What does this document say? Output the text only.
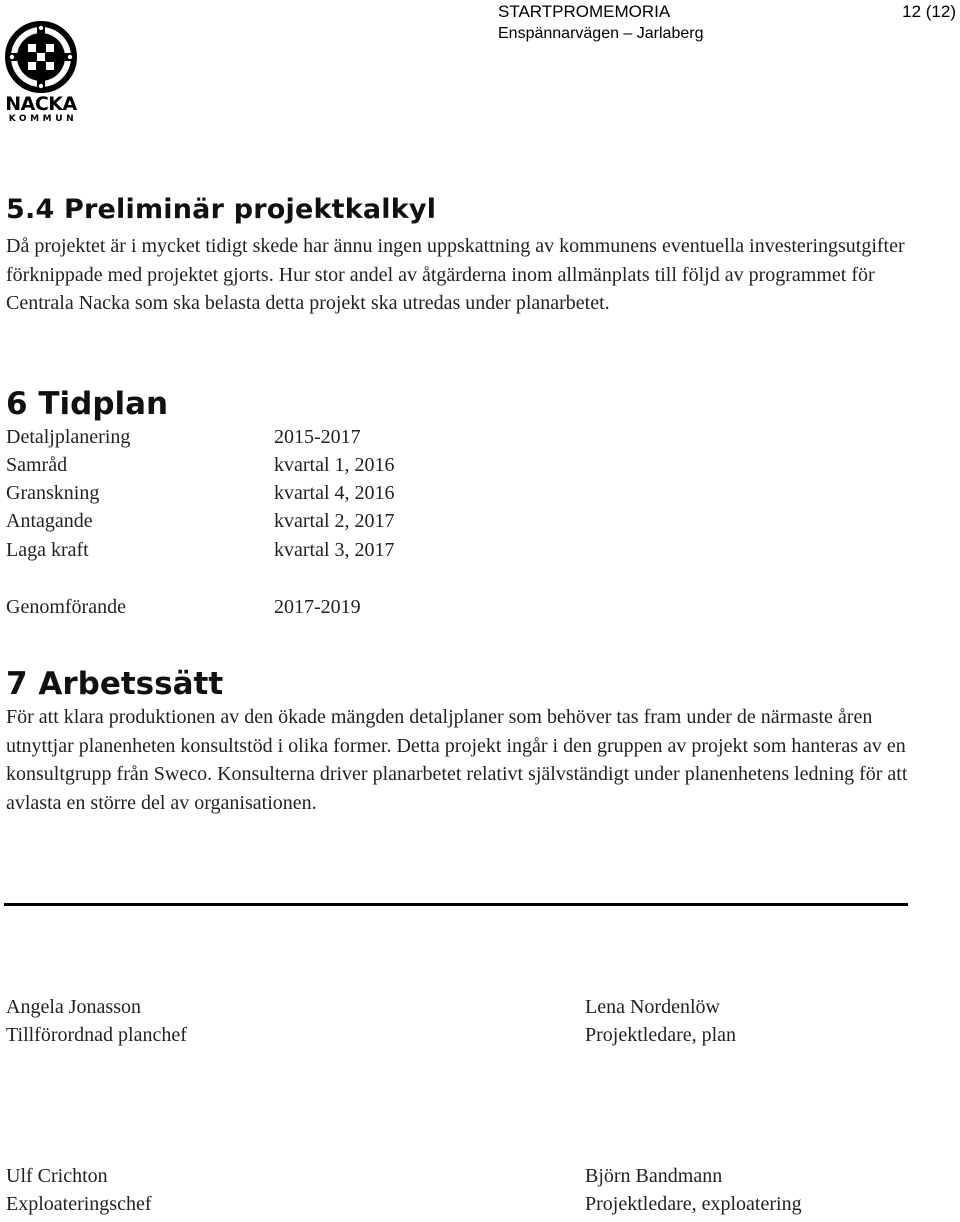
NACKA
KOMMUN
STARTPROMEMORIA
Enspännarvägen – Jarlaberg
12 (12)
5.4 Preliminär projektkalkyl

Då projektet är i mycket tidigt skede har ännu ingen uppskattning av kommunens eventuella investeringsutgifter förknippade med projektet gjorts. Hur stor andel av åtgärderna inom allmänplats till följd av programmet för Centrala Nacka som ska belasta detta projekt ska utredas under planarbetet.

6 Tidplan
Detaljplanering	2015-2017
Samråd	kvartal 1, 2016
Granskning	kvartal 4, 2016
Antagande	kvartal 2, 2017
Laga kraft	kvartal 3, 2017
Genomförande	2017-2019
7 Arbetssätt

För att klara produktionen av den ökade mängden detaljplaner som behöver tas fram under de närmaste åren utnyttjar planenheten konsultstöd i olika former. Detta projekt ingår i den gruppen av projekt som hanteras av en konsultgrupp från Sweco. Konsulterna driver planarbetet relativt självständigt under planenhetens ledning för att avlasta en större del av organisationen.

Angela Jonasson
Tillförordnad planchef
Lena Nordenlöw
Projektledare, plan
Ulf Crichton
Exploateringschef
Björn Bandmann
Projektledare, exploatering
